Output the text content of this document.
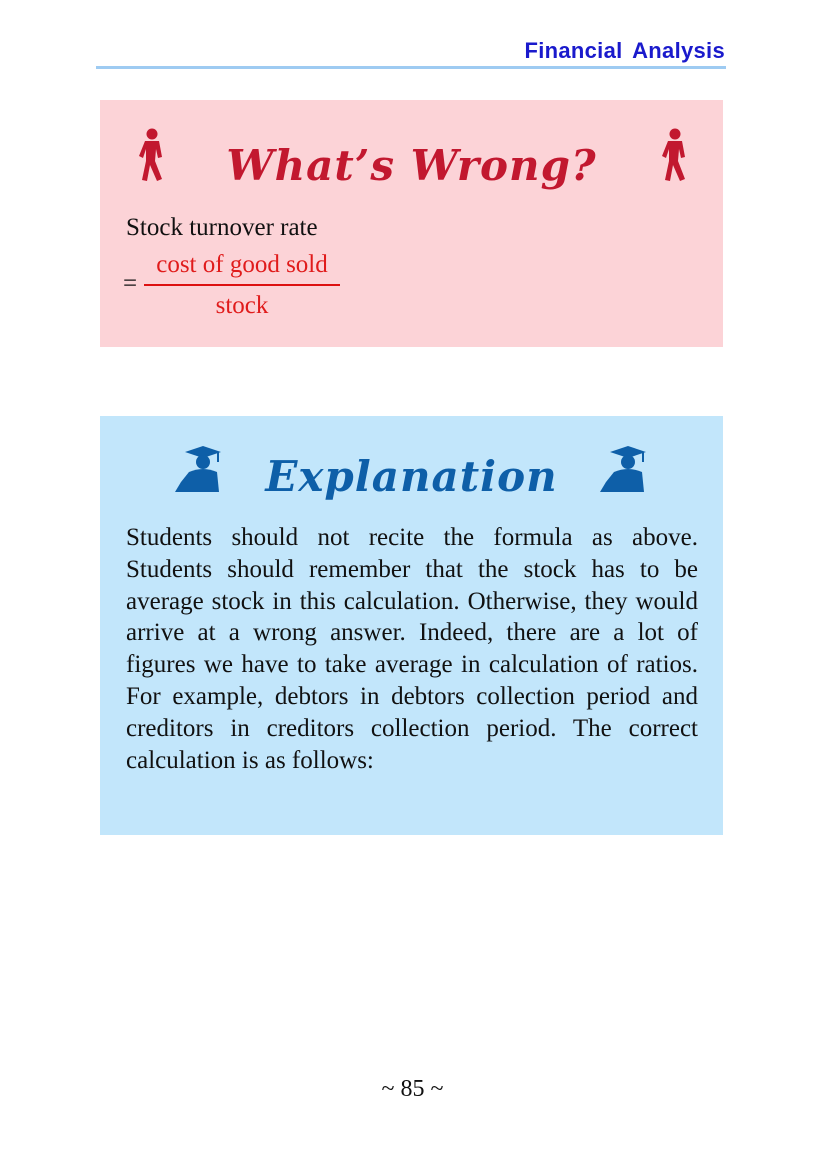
Financial Analysis
What’s Wrong?
Stock turnover rate
=
cost of good sold
stock
Explanation
Students should not recite the formula as above. Students should remember that the stock has to be average stock in this calculation. Otherwise, they would arrive at a wrong answer. Indeed, there are a lot of figures we have to take average in calculation of ratios. For example, debtors in debtors collection period and creditors in creditors collection period. The correct calculation is as follows:
~ 85 ~
